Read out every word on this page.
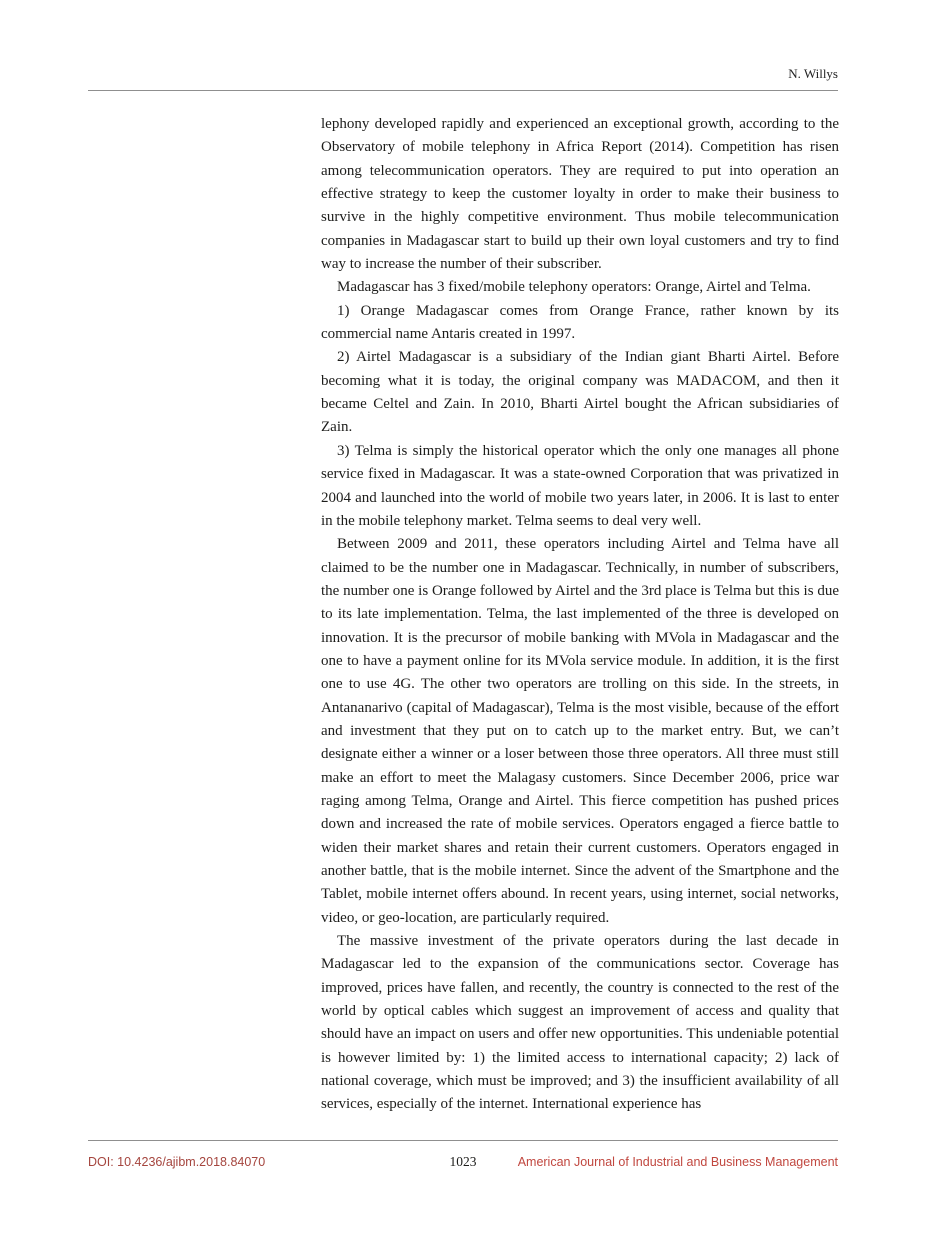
N. Willys

lephony developed rapidly and experienced an exceptional growth, according to the Observatory of mobile telephony in Africa Report (2014). Competition has risen among telecommunication operators. They are required to put into operation an effective strategy to keep the customer loyalty in order to make their business to survive in the highly competitive environment. Thus mobile telecommunication companies in Madagascar start to build up their own loyal customers and try to find way to increase the number of their subscriber.

Madagascar has 3 fixed/mobile telephony operators: Orange, Airtel and Telma.

1) Orange Madagascar comes from Orange France, rather known by its commercial name Antaris created in 1997.

2) Airtel Madagascar is a subsidiary of the Indian giant Bharti Airtel. Before becoming what it is today, the original company was MADACOM, and then it became Celtel and Zain. In 2010, Bharti Airtel bought the African subsidiaries of Zain.

3) Telma is simply the historical operator which the only one manages all phone service fixed in Madagascar. It was a state-owned Corporation that was privatized in 2004 and launched into the world of mobile two years later, in 2006. It is last to enter in the mobile telephony market. Telma seems to deal very well.

Between 2009 and 2011, these operators including Airtel and Telma have all claimed to be the number one in Madagascar. Technically, in number of subscribers, the number one is Orange followed by Airtel and the 3rd place is Telma but this is due to its late implementation. Telma, the last implemented of the three is developed on innovation. It is the precursor of mobile banking with MVola in Madagascar and the one to have a payment online for its MVola service module. In addition, it is the first one to use 4G. The other two operators are trolling on this side. In the streets, in Antananarivo (capital of Madagascar), Telma is the most visible, because of the effort and investment that they put on to catch up to the market entry. But, we can’t designate either a winner or a loser between those three operators. All three must still make an effort to meet the Malagasy customers. Since December 2006, price war raging among Telma, Orange and Airtel. This fierce competition has pushed prices down and increased the rate of mobile services. Operators engaged a fierce battle to widen their market shares and retain their current customers. Operators engaged in another battle, that is the mobile internet. Since the advent of the Smartphone and the Tablet, mobile internet offers abound. In recent years, using internet, social networks, video, or geo-location, are particularly required.

The massive investment of the private operators during the last decade in Madagascar led to the expansion of the communications sector. Coverage has improved, prices have fallen, and recently, the country is connected to the rest of the world by optical cables which suggest an improvement of access and quality that should have an impact on users and offer new opportunities. This undeniable potential is however limited by: 1) the limited access to international capacity; 2) lack of national coverage, which must be improved; and 3) the insufficient availability of all services, especially of the internet. International experience has

1023
DOI: 10.4236/ajibm.2018.84070	American Journal of Industrial and Business Management
